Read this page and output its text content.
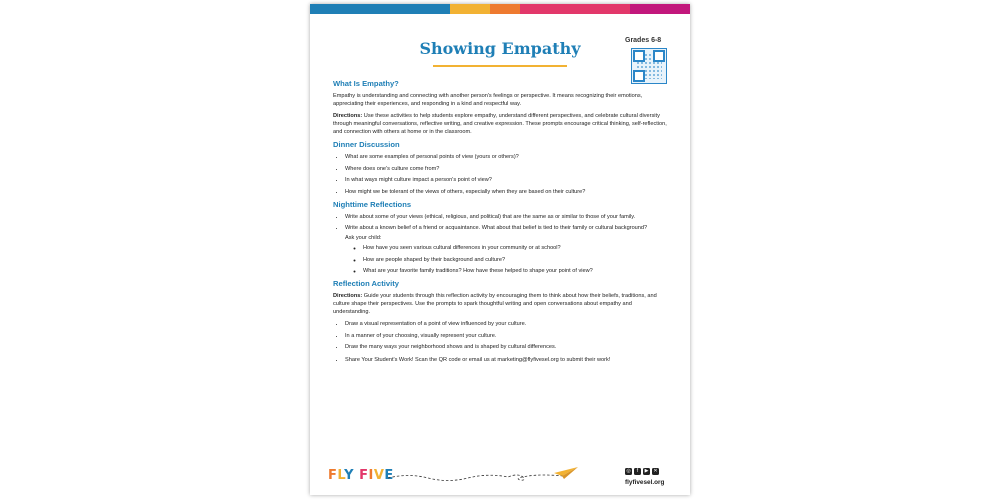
Showing Empathy	Grades 6-8
What Is Empathy?

Empathy is understanding and connecting with another person's feelings or perspective. It means recognizing their emotions, appreciating their experiences, and responding in a kind and respectful way.

Directions: Use these activities to help students explore empathy, understand different perspectives, and celebrate cultural diversity through meaningful conversations, reflective writing, and creative expression. These prompts encourage critical thinking, self-reflection, and connection with others at home or in the classroom.

Dinner Discussion
• What are some examples of personal points of view (yours or others)?
• Where does one's culture come from?
• In what ways might culture impact a person's point of view?
• How might we be tolerant of the views of others, especially when they are based on their culture?
Nighttime Reflections
• Write about some of your views (ethical, religious, and political) that are the same as or similar to those of your family.
• Write about a known belief of a friend or acquaintance. What about that belief is tied to their family or cultural background?
Ask your child:
◦ How have you seen various cultural differences in your community or at school?
◦ How are people shaped by their background and culture?
◦ What are your favorite family traditions? How have these helped to shape your point of view?
Reflection Activity

Directions: Guide your students through this reflection activity by encouraging them to think about how their beliefs, traditions, and culture shape their perspectives. Use the prompts to spark thoughtful writing and open conversations about empathy and understanding.

• Draw a visual representation of a point of view influenced by your culture.
• In a manner of your choosing, visually represent your culture.
• Draw the many ways your neighborhood shows and is shaped by cultural differences.
• Share Your Student's Work! Scan the QR code or email us at marketing@flyfivesel.org to submit their work!
FLY FIVE	◎	f	▶ ✕
flyfivesel.org
